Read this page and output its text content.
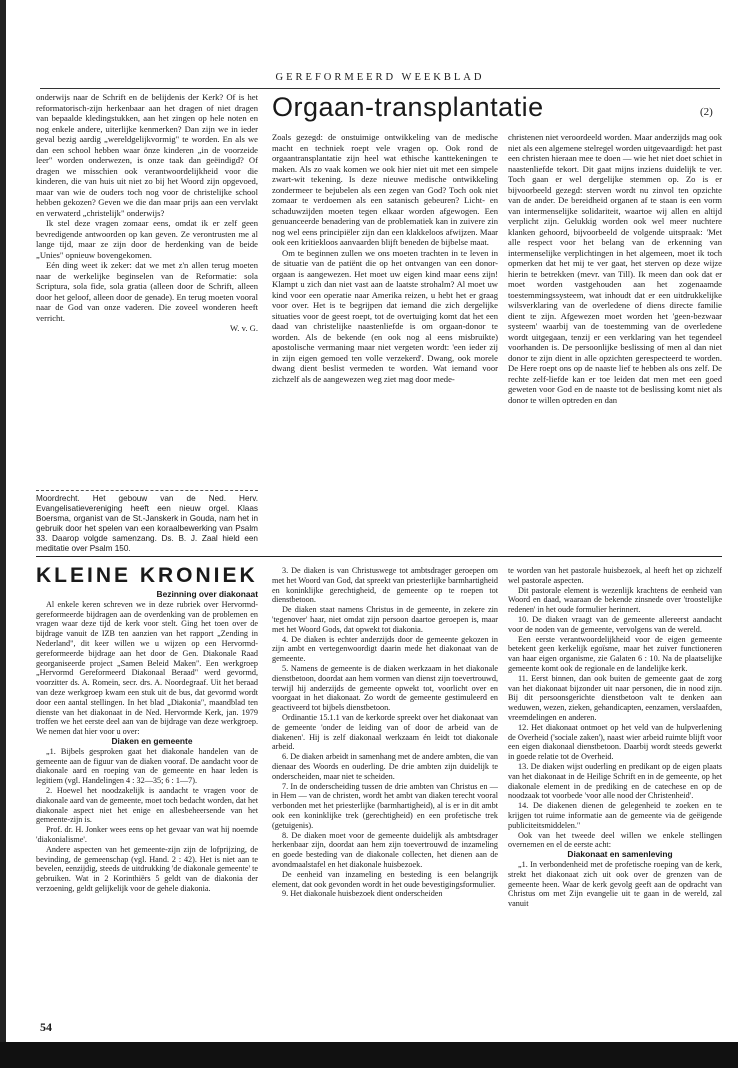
GEREFORMEERD WEEKBLAD

onderwijs naar de Schrift en de belijdenis der Kerk? Of is het reformatorisch-zijn herkenbaar aan het dragen of niet dragen van bepaalde kledingstukken, aan het zingen op hele noten en nog enkele andere, uiterlijke kenmerken? Dan zijn we in ieder geval bezig aardig „wereldgelijkvormig" te worden. En als we dan een school hebben waar önze kinderen „in de voorzeide leer" worden onderwezen, is onze taak dan geëindigd? Of dragen we misschien ook verantwoordelijkheid voor die kinderen, die van huis uit niet zo bij het Woord zijn opgevoed, maar van wie de ouders toch nog voor de christelijke school hebben gekozen? Geven we die dan maar prijs aan een vervlakt en verwaterd „christelijk" onderwijs?

Ik stel deze vragen zomaar eens, omdat ik er zelf geen bevredigende antwoorden op kan geven. Ze verontrusten me al lange tijd, maar ze zijn door de herdenking van de beide „Unies" opnieuw bovengekomen.

Eén ding weet ik zeker: dat we met z'n allen terug moeten naar de werkelijke beginselen van de Reformatie: sola Scriptura, sola fide, sola gratia (alleen door de Schrift, alleen door het geloof, alleen door de genade). En terug moeten vooral naar de God van onze vaderen. Die zoveel wonderen heeft verricht.

W. v. G.

Moordrecht. Het gebouw van de Ned. Herv. Evangelisatievereniging heeft een nieuw orgel. Klaas Boersma, organist van de St.-Janskerk in Gouda, nam het in gebruik door het spelen van een koraalbewerking van Psalm 33. Daarop volgde samenzang. Ds. B. J. Zaal hield een meditatie over Psalm 150.

Orgaan-transplantatie	(2)

Zoals gezegd: de onstuimige ontwikkeling van de medische macht en techniek roept vele vragen op. Ook rond de orgaantransplantatie zijn heel wat ethische kanttekeningen te maken. Als zo vaak komen we ook hier niet uit met een simpele zwart-wit tekening. Is deze nieuwe medische ontwikkeling zondermeer te bejubelen als een zegen van God? Toch ook niet zomaar te verdoemen als een satanisch gebeuren? Licht- en schaduwzijden moeten tegen elkaar worden afgewogen. Een genuanceerde benadering van de problematiek kan in zuivere zin nog wel eens principiëler zijn dan een klakkeloos afwijzen. Maar ook een kritiekloos aanvaarden blijft beneden de bijbelse maat.

Om te beginnen zullen we ons moeten trachten in te leven in de situatie van de patiënt die op het ontvangen van een donor-orgaan is aangewezen. Het moet uw eigen kind maar eens zijn! Klampt u zich dan niet vast aan de laatste strohalm? Al moet uw kind voor een operatie naar Amerika reizen, u hebt het er graag voor over. Het is te begrijpen dat iemand die zich dergelijke situaties voor de geest roept, tot de overtuiging komt dat het een daad van christelijke naastenliefde is om orgaan-donor te worden. Als de bekende (en ook nog al eens misbruikte) apostolische vermaning maar niet vergeten wordt: 'een ieder zij in zijn eigen gemoed ten volle verzekerd'. Dwang, ook morele dwang dient beslist vermeden te worden. Wat iemand voor zichzelf als de aangewezen weg ziet mag door mede-

christenen niet veroordeeld worden. Maar anderzijds mag ook niet als een algemene stelregel worden uitgevaardigd: het past een christen hieraan mee te doen — wie het niet doet schiet in naastenliefde tekort. Dit gaat mijns inziens duidelijk te ver. Toch gaan er wel dergelijke stemmen op. Zo is er bijvoorbeeld gezegd: sterven wordt nu zinvol ten opzichte van de ander. De bereidheid organen af te staan is een vorm van intermenselijke solidariteit, waartoe wij allen en altijd verplicht zijn. Gelukkig worden ook wel meer nuchtere klanken gehoord, bijvoorbeeld de volgende uitspraak: 'Met alle respect voor het belang van de erkenning van intermenselijke verplichtingen in het algemeen, moet ik toch opmerken dat het mij te ver gaat, het sterven op deze wijze hierin te betrekken (mevr. van Till). Ik meen dan ook dat er moet worden vastgehouden aan het zogenaamde toestemmingssysteem, wat inhoudt dat er een uitdrukkelijke wilsverklaring van de overledene of diens directe familie dient te zijn. Afgewezen moet worden het 'geen-bezwaar systeem' waarbij van de toestemming van de overledene wordt uitgegaan, tenzij er een verklaring van het tegendeel voorhanden is. De persoonlijke beslissing of men al dan niet donor te zijn dient in alle opzichten gerespecteerd te worden. De Here roept ons op de naaste lief te hebben als ons zelf. De rechte zelf-liefde kan er toe leiden dat men met een goed geweten voor God en de naaste tot de beslissing komt niet als donor te willen optreden en dan

KLEINE KRONIEK

Bezinning over diakonaat

Al enkele keren schreven we in deze rubriek over Hervormd-gereformeerde bijdragen aan de overdenking van de problemen en vragen waar deze tijd de kerk voor stelt. Ging het toen over de bijdrage vanuit de IZB ten aanzien van het rapport „Zending in Nederland", dit keer willen we u wijzen op een Hervormd-gereformeerde bijdrage aan het door de Gen. Diakonale Raad georganiseerde project „Samen Beleid Maken". Een werkgroep „Hervormd Gereformeerd Diakonaal Beraad" werd gevormd, voorzitter ds. A. Romein, secr. drs. A. Noordegraaf. Uit het beraad van deze werkgroep kwam een stuk uit de bus, dat gevormd wordt door een aantal stellingen. In het blad „Diakonia", maandblad ten dienste van het diakonaat in de Ned. Hervormde Kerk, jan. 1979 troffen we het eerste deel aan van de bijdrage van deze werkgroep. We nemen dat hier voor u over:

Diaken en gemeente

„1. Bijbels gesproken gaat het diakonale handelen van de gemeente aan de figuur van de diaken vooraf. De aandacht voor de diakonale aard en roeping van de gemeente en haar leden is legitiem (vgl. Handelingen 4 : 32—35; 6 : 1—7).

2. Hoewel het noodzakelijk is aandacht te vragen voor de diakonale aard van de gemeente, moet toch bedacht worden, dat het diakonale aspect niet het enige en allesbeheersende van het gemeente-zijn is.

Prof. dr. H. Jonker wees eens op het gevaar van wat hij noemde 'diakonialisme'.

Andere aspecten van het gemeente-zijn zijn de lofprijzing, de bevinding, de gemeenschap (vgl. Hand. 2 : 42). Het is niet aan te bevelen, eenzijdig, steeds de uitdrukking 'de diakonale gemeente' te gebruiken. Wat in 2 Korinthiërs 5 geldt van de diakonia der verzoening, geldt gelijkelijk voor de gehele diakonia.

3. De diaken is van Christuswege tot ambtsdrager geroepen om met het Woord van God, dat spreekt van priesterlijke barmhartigheid en koninklijke gerechtigheid, de gemeente op te roepen tot dienstbetoon.

De diaken staat namens Christus in de gemeente, in zekere zin 'tegenover' haar, niet omdat zijn persoon daartoe geroepen is, maar met het Woord Gods, dat opwekt tot diakonia.

4. De diaken is echter anderzijds door de gemeente gekozen in zijn ambt en vertegenwoordigt daarin mede het diakonaat van de gemeente.

5. Namens de gemeente is de diaken werkzaam in het diakonale dienstbetoon, doordat aan hem vormen van dienst zijn toevertrouwd, terwijl hij anderzijds de gemeente opwekt tot, voorlicht over en voorgaat in het diakonaat. Zo wordt de gemeente gestimuleerd en geactiveerd tot bijbels dienstbetoon.

Ordinantie 15.1.1 van de kerkorde spreekt over het diakonaat van de gemeente 'onder de leiding van of door de arbeid van de diakenen'. Hij is zelf diakonaal werkzaam én leidt tot diakonale arbeid.

6. De diaken arbeidt in samenhang met de andere ambten, die van dienaar des Woords en ouderling. De drie ambten zijn duidelijk te onderscheiden, maar niet te scheiden.

7. In de onderscheiding tussen de drie ambten van Christus en — in Hem — van de christen, wordt het ambt van diaken terecht vooral verbonden met het priesterlijke (barmhartigheid), al is er in dit ambt ook een koninklijke trek (gerechtigheid) en een profetische trek (getuigenis).

8. De diaken moet voor de gemeente duidelijk als ambtsdrager herkenbaar zijn, doordat aan hem zijn toevertrouwd de inzameling en goede besteding van de diakonale collecten, het dienen aan de avondmaalstafel en het diakonale huisbezoek.

De eenheid van inzameling en besteding is een belangrijk element, dat ook gevonden wordt in het oude bevestigingsformulier.

9. Het diakonale huisbezoek dient onderscheiden

te worden van het pastorale huisbezoek, al heeft het op zichzelf wel pastorale aspecten.

Dit pastorale element is wezenlijk krachtens de eenheid van Woord en daad, waaraan de bekende zinsnede over 'troostelijke redenen' in het oude formulier herinnert.

10. De diaken vraagt van de gemeente allereerst aandacht voor de noden van de gemeente, vervolgens van de wereld.

Een eerste verantwoordelijkheid voor de eigen gemeente betekent geen kerkelijk egoïsme, maar het zuiver functioneren van haar eigen organisme, zie Galaten 6 : 10. Na de plaatselijke gemeente komt ook de regionale en de landelijke kerk.

11. Eerst binnen, dan ook buiten de gemeente gaat de zorg van het diakonaat bijzonder uit naar personen, die in nood zijn. Bij dit persoonsgerichte dienstbetoon valt te denken aan weduwen, wezen, zieken, gehandicapten, eenzamen, verslaafden, vreemdelingen en anderen.

12. Het diakonaat ontmoet op het veld van de hulpverlening de Overheid ('sociale zaken'), naast wier arbeid ruimte blijft voor een eigen diakonaal dienstbetoon. Daarbij wordt steeds gewerkt in goede relatie tot de Overheid.

13. De diaken wijst ouderling en predikant op de eigen plaats van het diakonaat in de Heilige Schrift en in de gemeente, op het diakonale element in de prediking en de catechese en op de noodzaak tot voorbede 'voor alle nood der Christenheid'.

14. De diakenen dienen de gelegenheid te zoeken en te krijgen tot ruime informatie aan de gemeente via de geëigende publiciteitsmiddelen."

Ook van het tweede deel willen we enkele stellingen overnemen en el de eerste acht:

Diakonaat en samenleving

„1. In verbondenheid met de profetische roeping van de kerk, strekt het diakonaat zich uit ook over de grenzen van de gemeente heen. Waar de kerk gevolg geeft aan de opdracht van Christus om met Zijn evangelie uit te gaan in de wereld, zal vanuit

54
